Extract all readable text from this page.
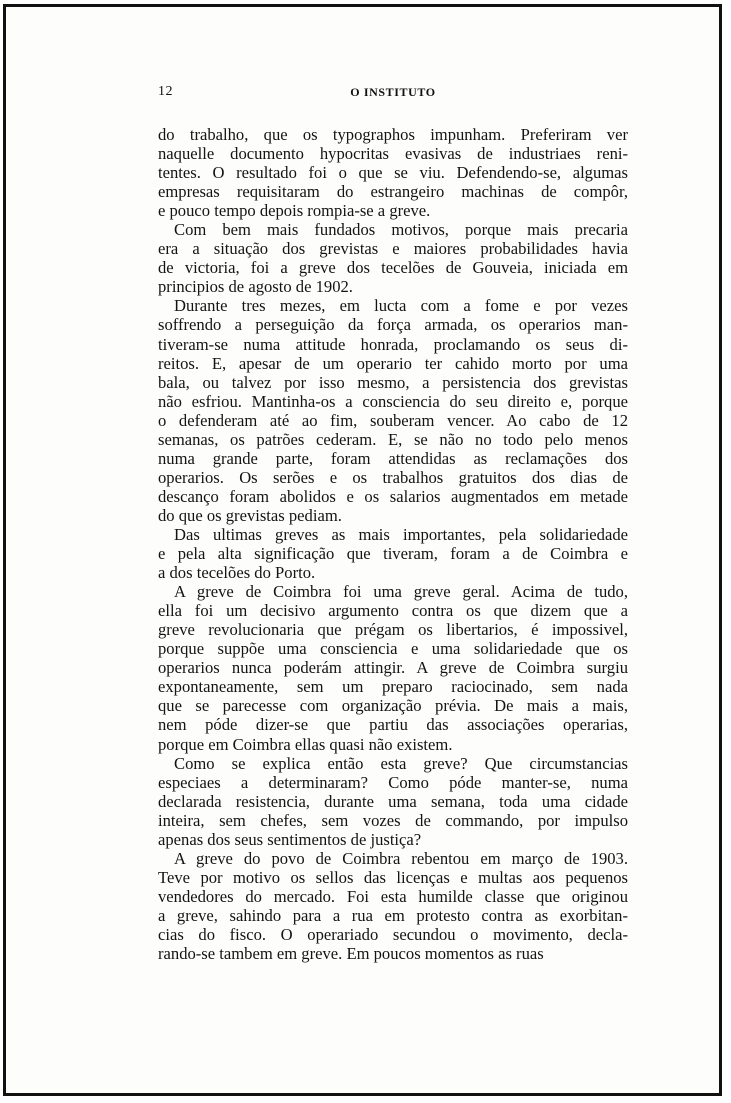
12	O INSTITUTO
do trabalho, que os typographos impunham. Preferiram ver
naquelle documento hypocritas evasivas de industriaes reni-
tentes. O resultado foi o que se viu. Defendendo-se, algumas
empresas requisitaram do estrangeiro machinas de compôr,
e pouco tempo depois rompia-se a greve.
Com bem mais fundados motivos, porque mais precaria
era a situação dos grevistas e maiores probabilidades havia
de victoria, foi a greve dos tecelões de Gouveia, iniciada em
principios de agosto de 1902.
Durante tres mezes, em lucta com a fome e por vezes
soffrendo a perseguição da força armada, os operarios man-
tiveram-se numa attitude honrada, proclamando os seus di-
reitos. E, apesar de um operario ter cahido morto por uma
bala, ou talvez por isso mesmo, a persistencia dos grevistas
não esfriou. Mantinha-os a consciencia do seu direito e, porque
o defenderam até ao fim, souberam vencer. Ao cabo de 12
semanas, os patrões cederam. E, se não no todo pelo menos
numa grande parte, foram attendidas as reclamações dos
operarios. Os serões e os trabalhos gratuitos dos dias de
descanço foram abolidos e os salarios augmentados em metade
do que os grevistas pediam.
Das ultimas greves as mais importantes, pela solidariedade
e pela alta significação que tiveram, foram a de Coimbra e
a dos tecelões do Porto.
A greve de Coimbra foi uma greve geral. Acima de tudo,
ella foi um decisivo argumento contra os que dizem que a
greve revolucionaria que prégam os libertarios, é impossivel,
porque suppõe uma consciencia e uma solidariedade que os
operarios nunca poderám attingir. A greve de Coimbra surgiu
expontaneamente, sem um preparo raciocinado, sem nada
que se parecesse com organização prévia. De mais a mais,
nem póde dizer-se que partiu das associações operarias,
porque em Coimbra ellas quasi não existem.
Como se explica então esta greve? Que circumstancias
especiaes a determinaram? Como póde manter-se, numa
declarada resistencia, durante uma semana, toda uma cidade
inteira, sem chefes, sem vozes de commando, por impulso
apenas dos seus sentimentos de justiça?
A greve do povo de Coimbra rebentou em março de 1903.
Teve por motivo os sellos das licenças e multas aos pequenos
vendedores do mercado. Foi esta humilde classe que originou
a greve, sahindo para a rua em protesto contra as exorbitan-
cias do fisco. O operariado secundou o movimento, decla-
rando-se tambem em greve. Em poucos momentos as ruas
